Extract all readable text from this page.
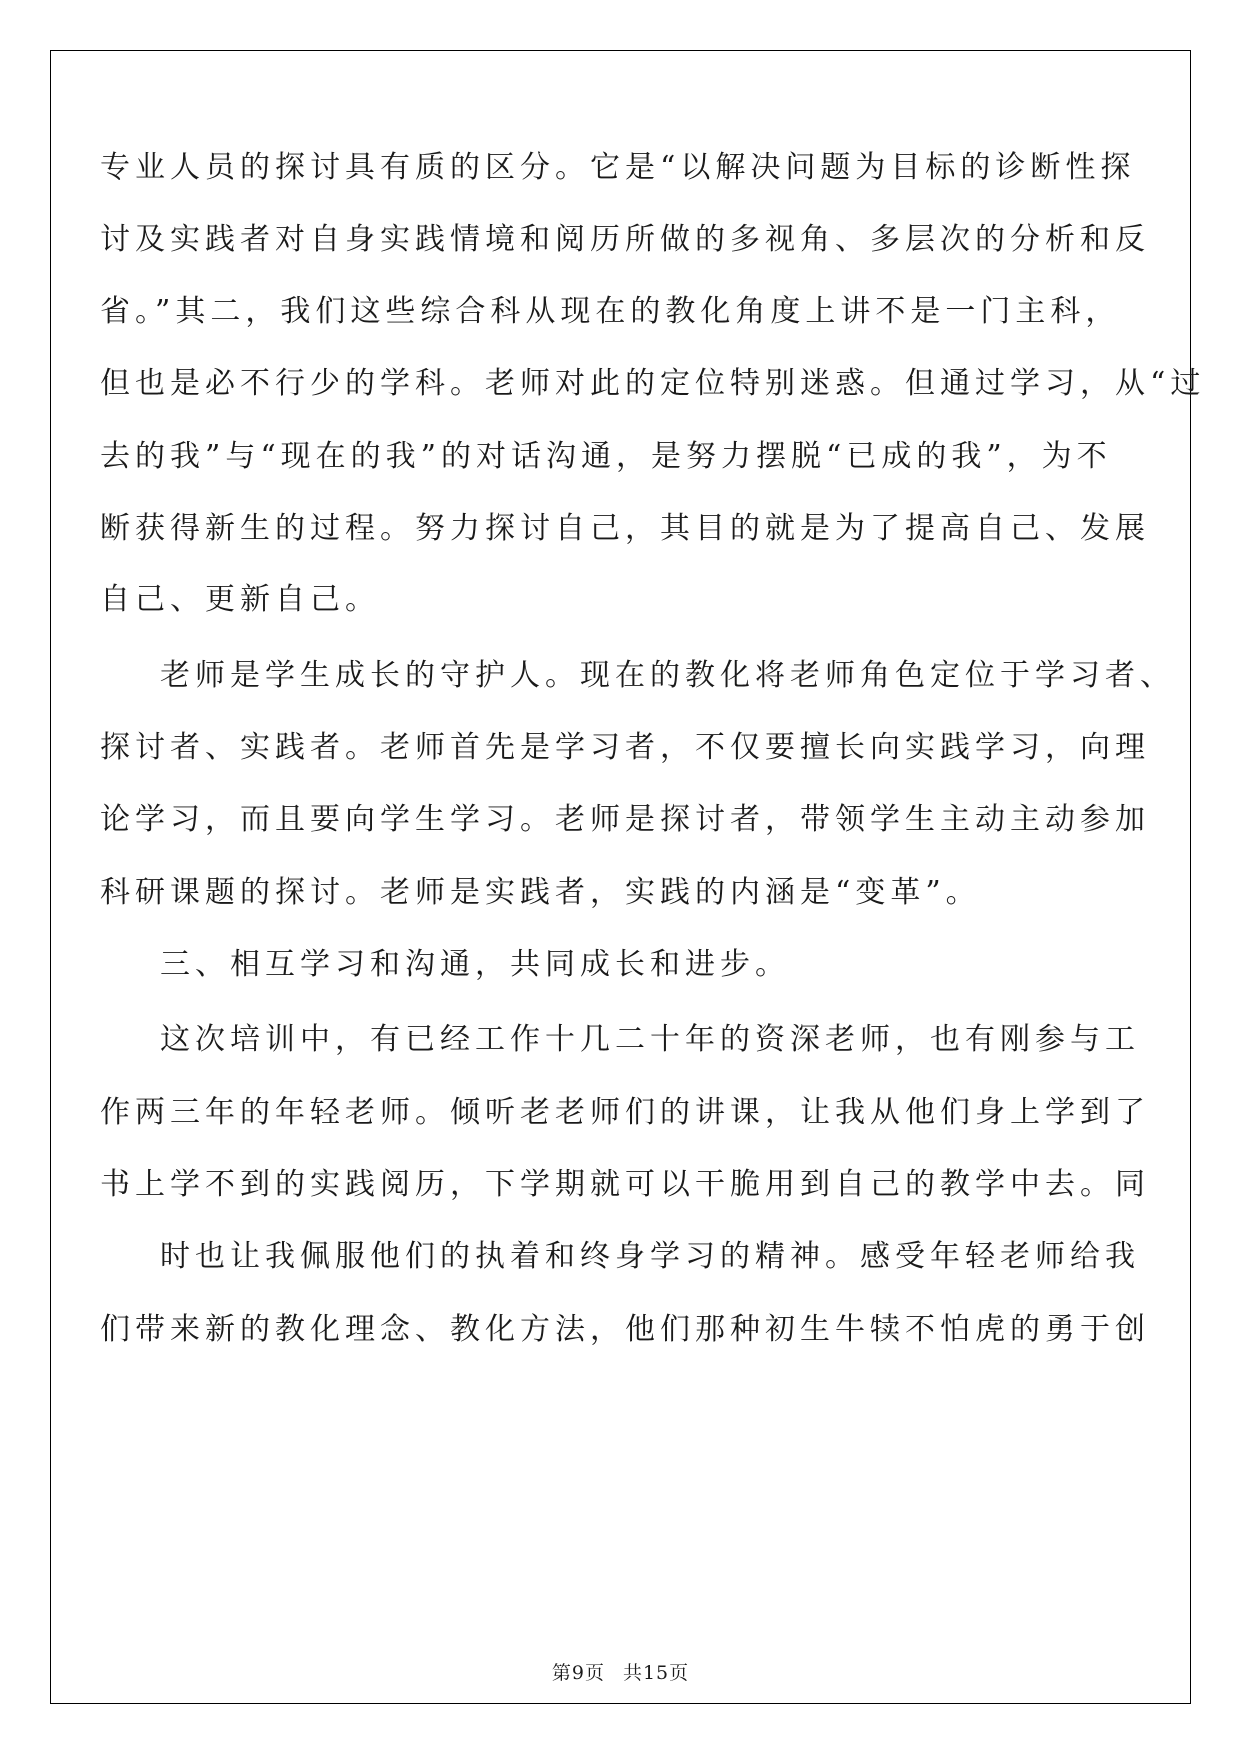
专业人员的探讨具有质的区分。它是“以解决问题为目标的诊断性探
讨及实践者对自身实践情境和阅历所做的多视角、多层次的分析和反
省。”其二，我们这些综合科从现在的教化角度上讲不是一门主科，
但也是必不行少的学科。老师对此的定位特别迷惑。但通过学习，从“过
去的我”与“现在的我”的对话沟通，是努力摆脱“已成的我”，为不
断获得新生的过程。努力探讨自己，其目的就是为了提高自己、发展
自己、更新自己。
老师是学生成长的守护人。现在的教化将老师角色定位于学习者、
探讨者、实践者。老师首先是学习者，不仅要擅长向实践学习，向理
论学习，而且要向学生学习。老师是探讨者，带领学生主动主动参加
科研课题的探讨。老师是实践者，实践的内涵是“变革”。
三、相互学习和沟通，共同成长和进步。
这次培训中，有已经工作十几二十年的资深老师，也有刚参与工
作两三年的年轻老师。倾听老老师们的讲课，让我从他们身上学到了
书上学不到的实践阅历，下学期就可以干脆用到自己的教学中去。同
时也让我佩服他们的执着和终身学习的精神。感受年轻老师给我
们带来新的教化理念、教化方法，他们那种初生牛犊不怕虎的勇于创
第9页 共15页
